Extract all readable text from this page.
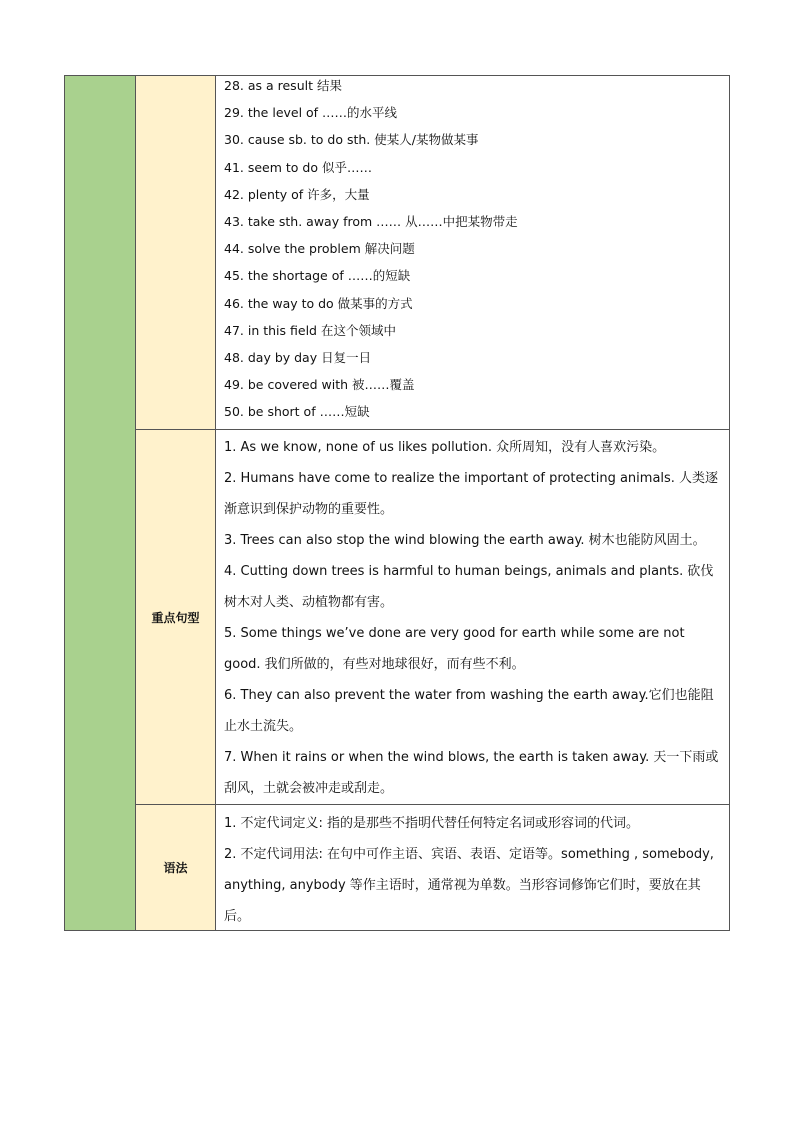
28. as a result 结果
29. the level of ……的水平线
30. cause sb. to do sth. 使某人/某物做某事
41. seem to do 似乎……
42. plenty of 许多，大量
43. take sth. away from …… 从……中把某物带走
44. solve the problem 解决问题
45. the shortage of ……的短缺
46. the way to do 做某事的方式
47. in this field 在这个领域中
48. day by day 日复一日
49. be covered with 被……覆盖
50. be short of ……短缺
重点句型

1. As we know, none of us likes pollution. 众所周知，没有人喜欢污染。

2. Humans have come to realize the important of protecting animals. 人类逐渐意识到保护动物的重要性。

3. Trees can also stop the wind blowing the earth away. 树木也能防风固土。

4. Cutting down trees is harmful to human beings, animals and plants. 砍伐树木对人类、动植物都有害。

5. Some things we’ve done are very good for earth while some are not good. 我们所做的，有些对地球很好，而有些不利。

6. They can also prevent the water from washing the earth away.它们也能阻止水土流失。

7. When it rains or when the wind blows, the earth is taken away. 天一下雨或刮风，土就会被冲走或刮走。

语法

1. 不定代词定义: 指的是那些不指明代替任何特定名词或形容词的代词。

2. 不定代词用法: 在句中可作主语、宾语、表语、定语等。something , somebody, anything, anybody 等作主语时，通常视为单数。当形容词修饰它们时，要放在其后。
